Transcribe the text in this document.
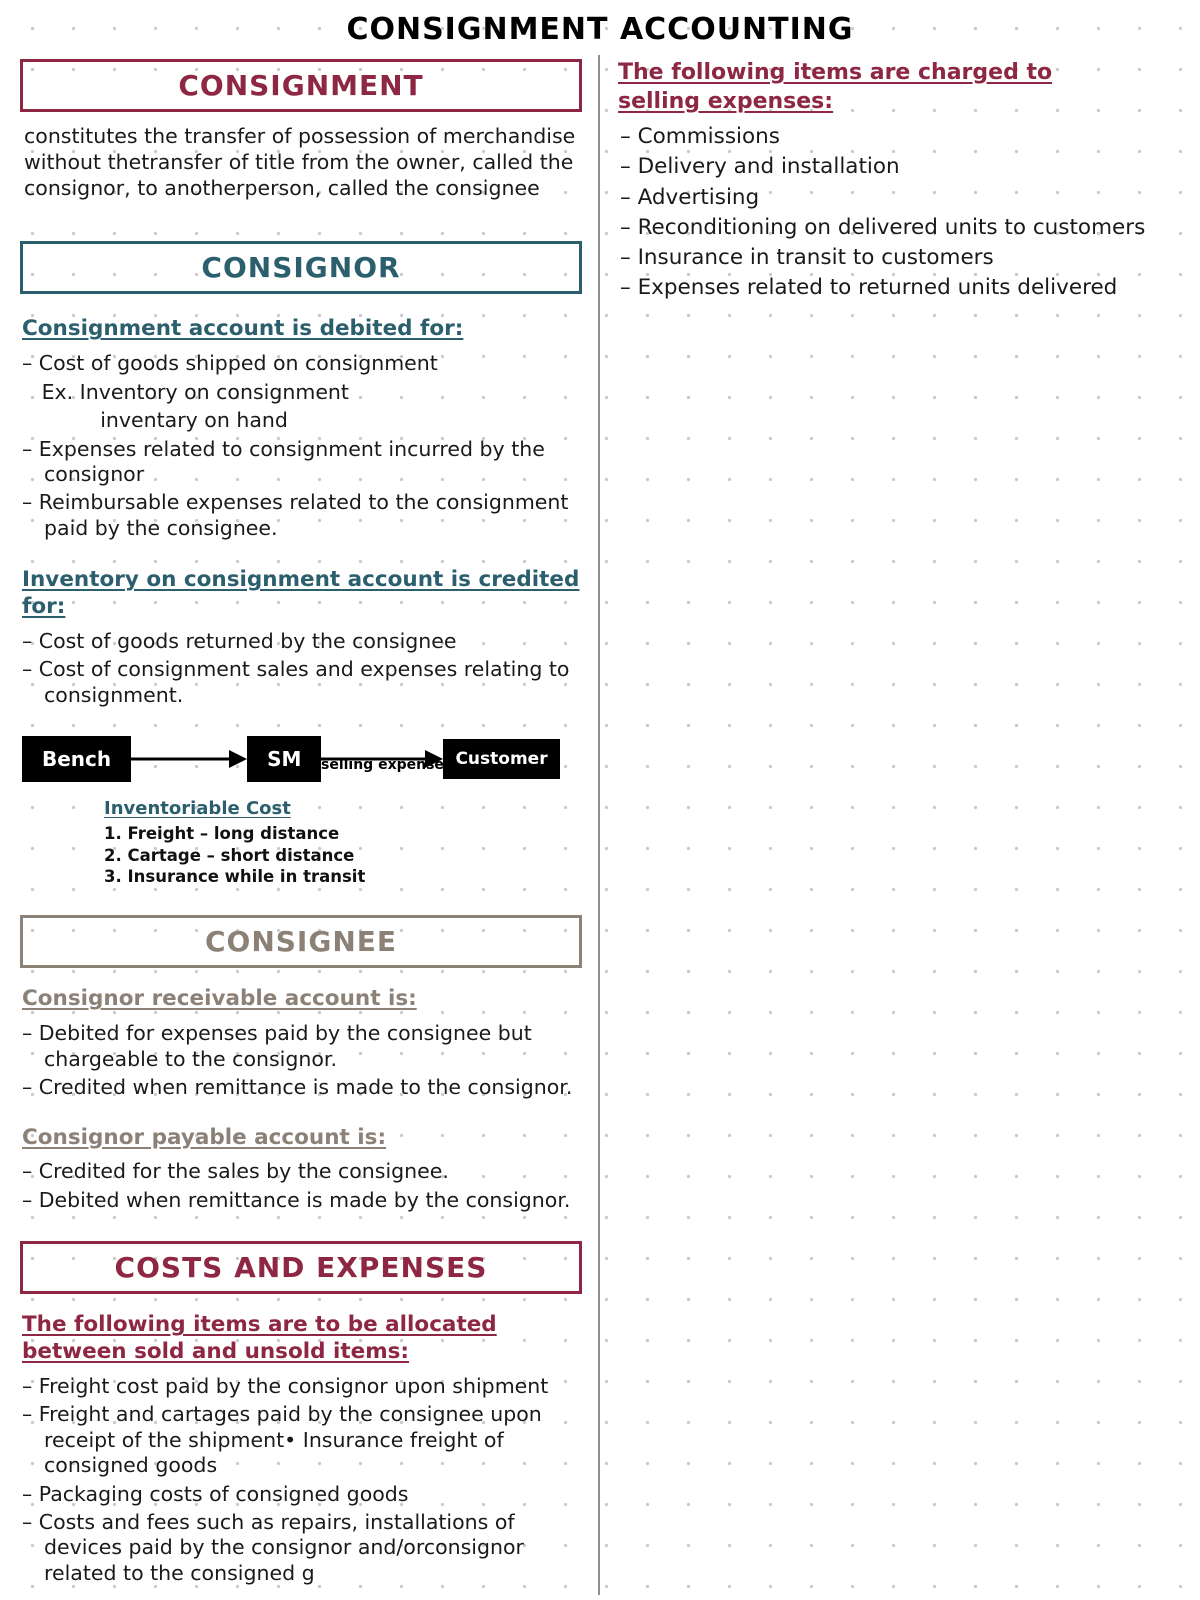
CONSIGNMENT ACCOUNTING
CONSIGNMENT
constitutes the transfer of possession of merchandise without thetransfer of title from the owner, called the consignor, to anotherperson, called the consignee
CONSIGNOR
Consignment account is debited for:
– Cost of goods shipped on consignment
Ex. Inventory on consignment
inventary on hand
– Expenses related to consignment incurred by the consignor
– Reimbursable expenses related to the consignment paid by the consignee.
Inventory on consignment account is credited for:
– Cost of goods returned by the consignee
– Cost of consignment sales and expenses relating to consignment.
Bench	SM	selling expense Customer
Inventoriable Cost
1. Freight – long distance
2. Cartage – short distance
3. Insurance while in transit
CONSIGNEE
Consignor receivable account is:
– Debited for expenses paid by the consignee but chargeable to the consignor.
– Credited when remittance is made to the consignor.
Consignor payable account is:
– Credited for the sales by the consignee.
– Debited when remittance is made by the consignor.
COSTS AND EXPENSES
The following items are to be allocated between sold and unsold items:
– Freight cost paid by the consignor upon shipment
– Freight and cartages paid by the consignee upon receipt of the shipment• Insurance freight of consigned goods
– Packaging costs of consigned goods
– Costs and fees such as repairs, installations of devices paid by the consignor and/orconsignor related to the consigned g
The following items are charged to selling expenses:
– Commissions
– Delivery and installation
– Advertising
– Reconditioning on delivered units to customers
– Insurance in transit to customers
– Expenses related to returned units delivered
